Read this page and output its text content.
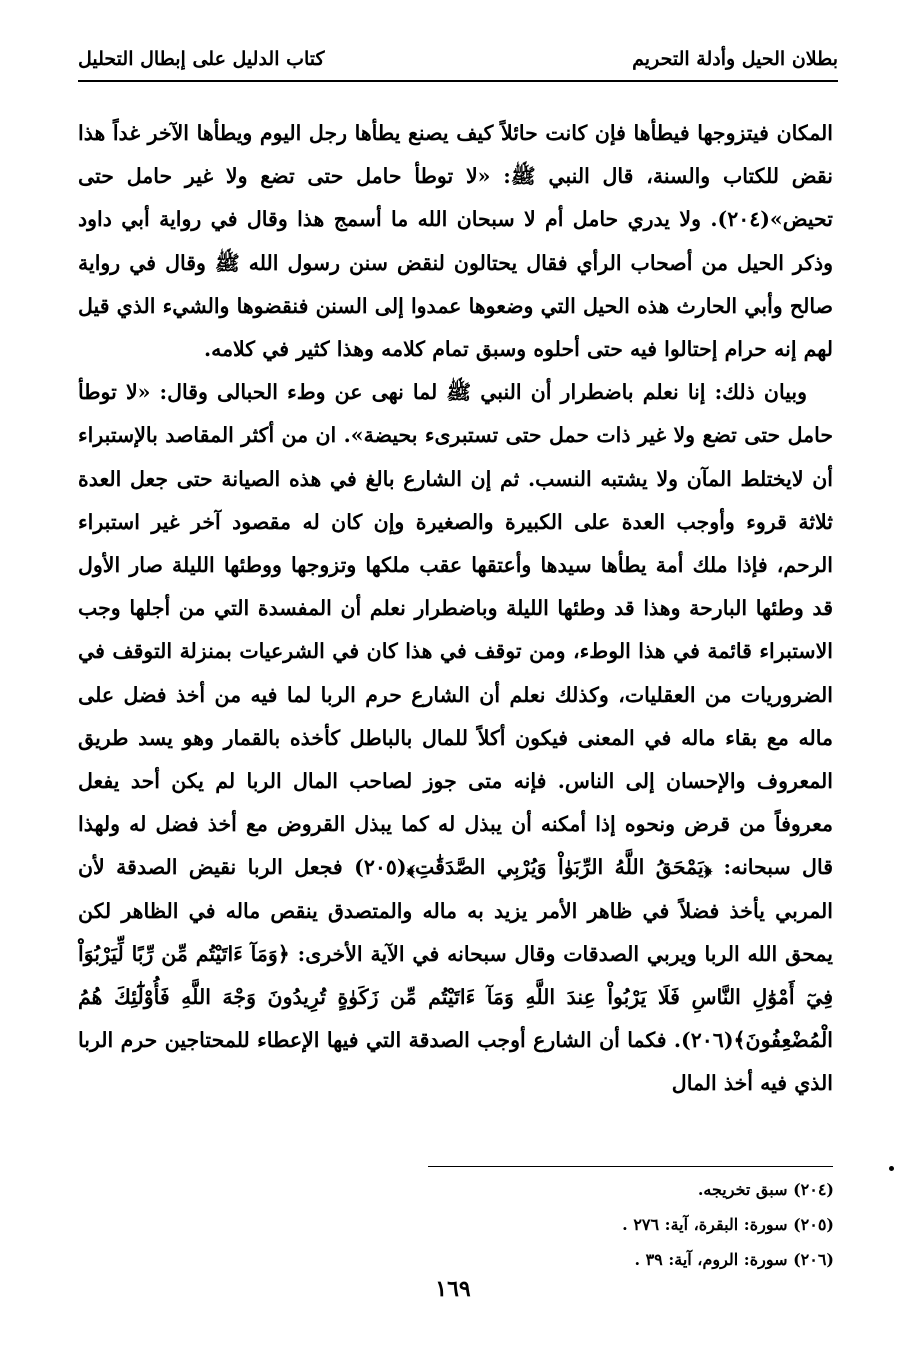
بطلان الحيل وأدلة التحريم
كتاب الدليل على إبطال التحليل

المكان فيتزوجها فيطأها فإن كانت حائلاً كيف يصنع يطأها رجل اليوم ويطأها الآخر غداً هذا نقض للكتاب والسنة، قال النبي ﷺ: «لا توطأ حامل حتى تضع ولا غير حامل حتى تحيض»(٢٠٤). ولا يدري حامل أم لا سبحان الله ما أسمج هذا وقال في رواية أبي داود وذكر الحيل من أصحاب الرأي فقال يحتالون لنقض سنن رسول الله ﷺ وقال في رواية صالح وأبي الحارث هذه الحيل التي وضعوها عمدوا إلى السنن فنقضوها والشيء الذي قيل لهم إنه حرام إحتالوا فيه حتى أحلوه وسبق تمام كلامه وهذا كثير في كلامه.

وبيان ذلك: إنا نعلم باضطرار أن النبي ﷺ لما نهى عن وطء الحبالى وقال: «لا توطأ حامل حتى تضع ولا غير ذات حمل حتى تستبرىء بحيضة». ان من أكثر المقاصد بالإستبراء أن لايختلط المآن ولا يشتبه النسب. ثم إن الشارع بالغ في هذه الصيانة حتى جعل العدة ثلاثة قروء وأوجب العدة على الكبيرة والصغيرة وإن كان له مقصود آخر غير استبراء الرحم، فإذا ملك أمة يطأها سيدها وأعتقها عقب ملكها وتزوجها ووطئها الليلة صار الأول قد وطئها البارحة وهذا قد وطئها الليلة وباضطرار نعلم أن المفسدة التي من أجلها وجب الاستبراء قائمة في هذا الوطء، ومن توقف في هذا كان في الشرعيات بمنزلة التوقف في الضروريات من العقليات، وكذلك نعلم أن الشارع حرم الربا لما فيه من أخذ فضل على ماله مع بقاء ماله في المعنى فيكون أكلاً للمال بالباطل كأخذه بالقمار وهو يسد طريق المعروف والإحسان إلى الناس. فإنه متى جوز لصاحب المال الربا لم يكن أحد يفعل معروفاً من قرض ونحوه إذا أمكنه أن يبذل له كما يبذل القروض مع أخذ فضل له ولهذا قال سبحانه: ﴿يَمْحَقُ اللَّهُ الرِّبَوٰاْ وَيُرْبِي الصَّدَقَٰتِ﴾(٢٠٥) فجعل الربا نقيض الصدقة لأن المربي يأخذ فضلاً في ظاهر الأمر يزيد به ماله والمتصدق ينقص ماله في الظاهر لكن يمحق الله الربا ويربي الصدقات وقال سبحانه في الآية الأخرى: ﴿وَمَآ ءَاتَيْتُم مِّن رِّبًا لِّيَرْبُوَاْ فِيٓ أَمْوَٰلِ النَّاسِ فَلَا يَرْبُواْ عِندَ اللَّهِ وَمَآ ءَاتَيْتُم مِّن زَكَوٰةٍ تُرِيدُونَ وَجْهَ اللَّهِ فَأُوْلَٰٓئِكَ هُمُ الْمُضْعِفُونَ﴾(٢٠٦). فكما أن الشارع أوجب الصدقة التي فيها الإعطاء للمحتاجين حرم الربا الذي فيه أخذ المال

(٢٠٤) سبق تخريجه.
(٢٠٥) سورة: البقرة، آية: ٢٧٦ .
(٢٠٦) سورة: الروم، آية: ٣٩ .
١٦٩
